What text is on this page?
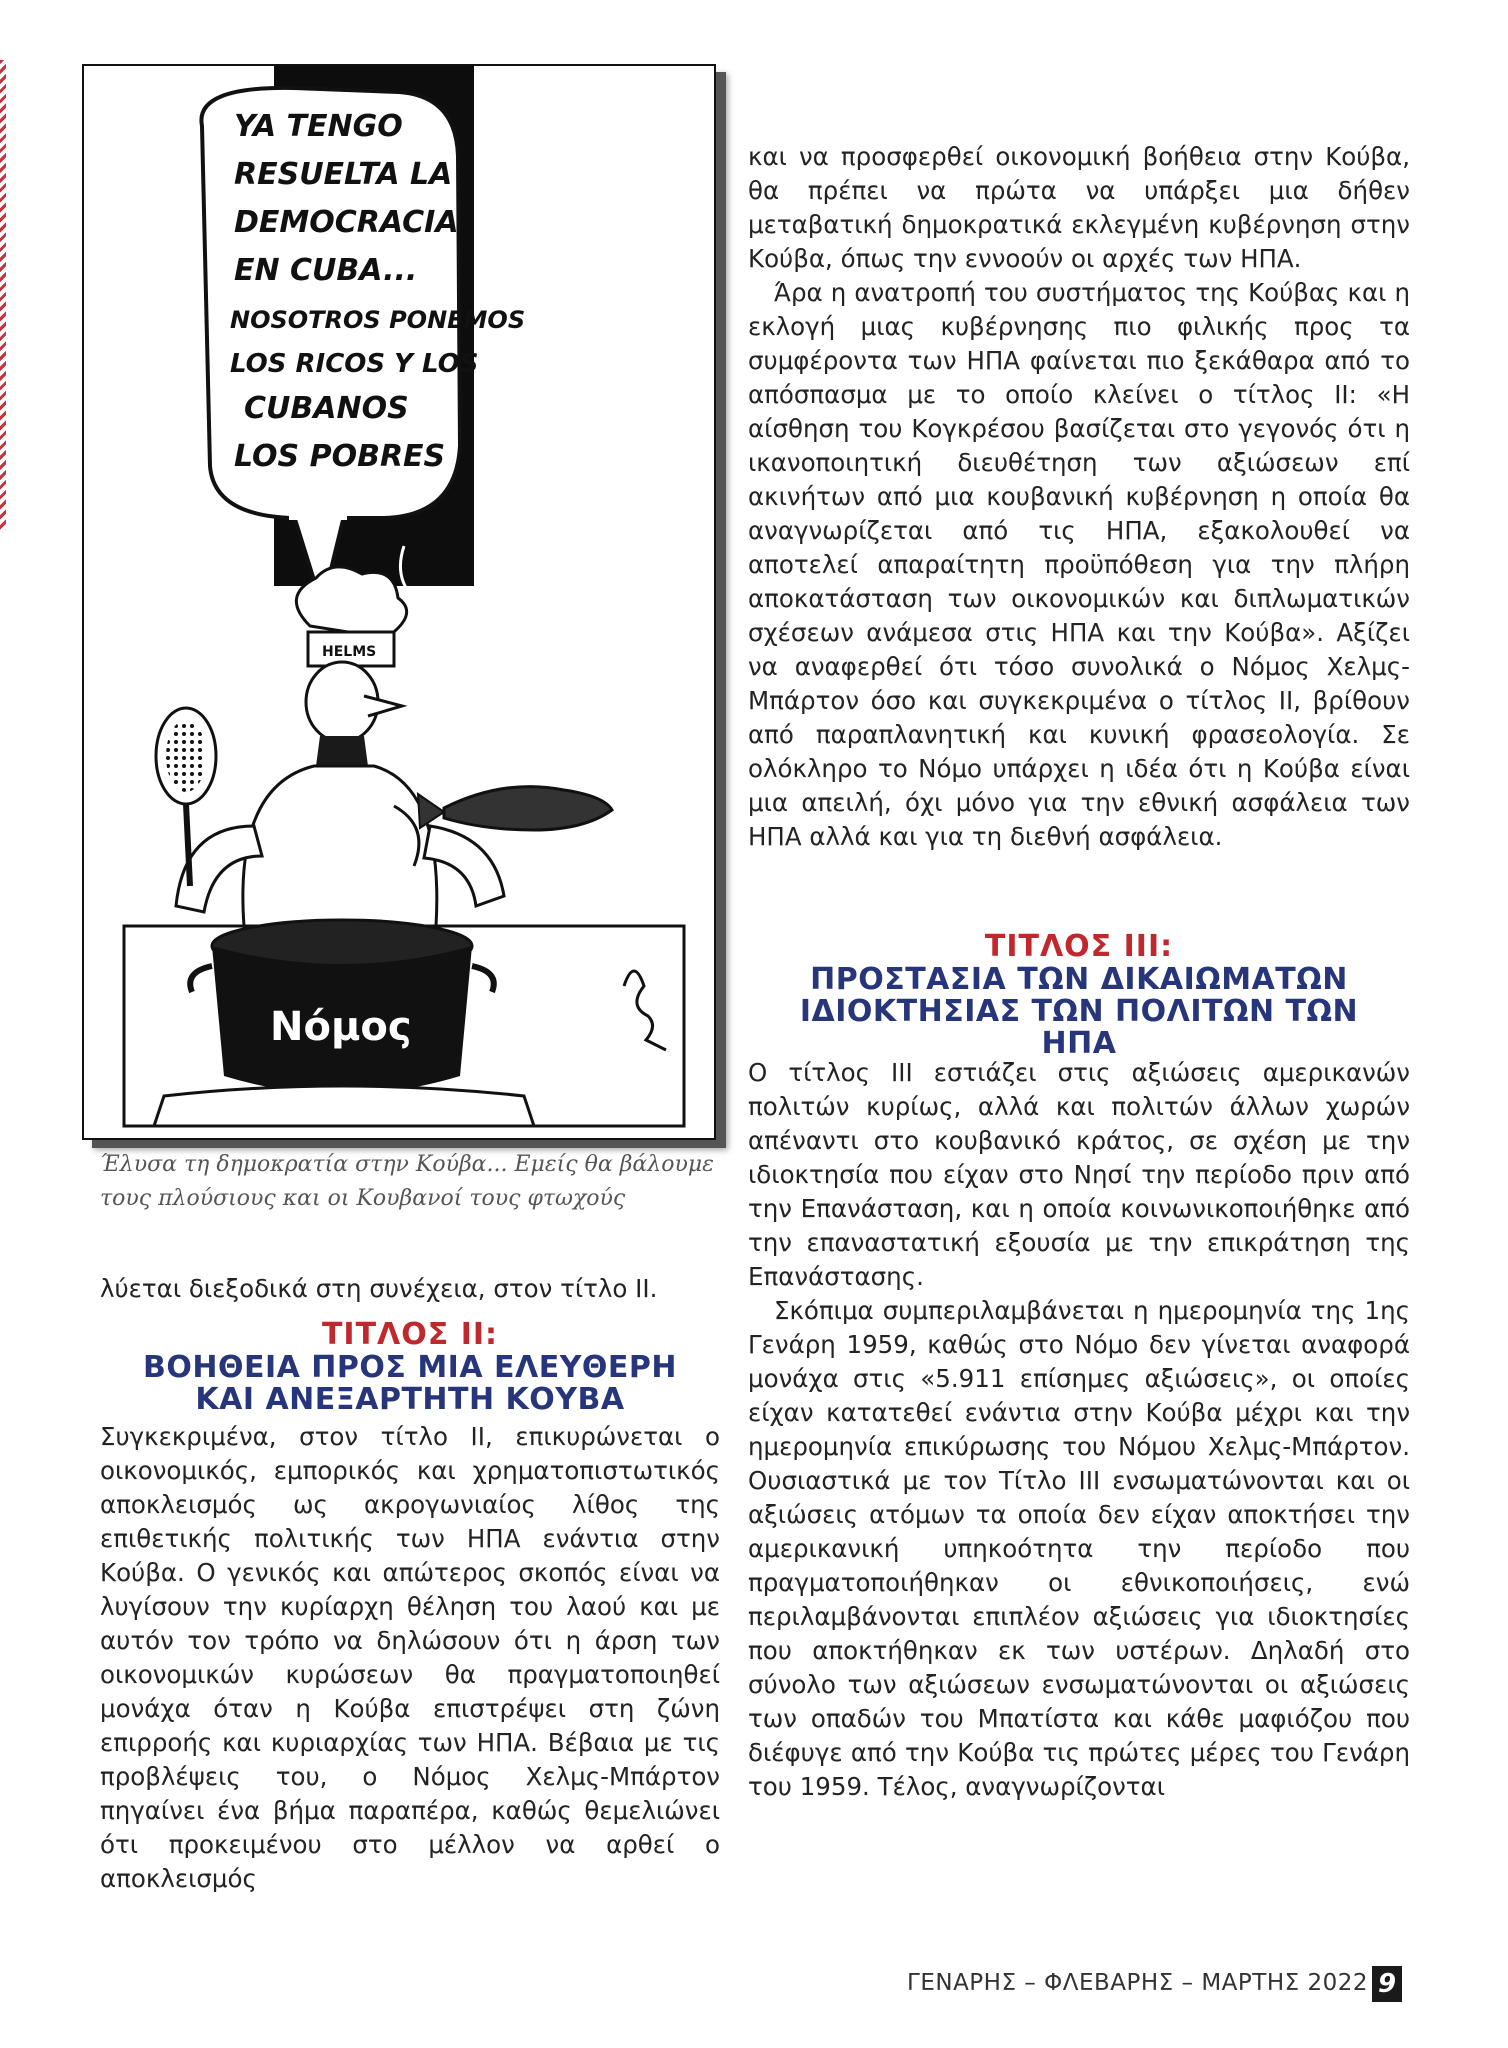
YA TENGO
RESUELTA LA
DEMOCRACIA
EN CUBA...
NOSOTROS PONEMOS
LOS RICOS Y LOS
CUBANOS
LOS POBRES
HELMS
Νόμος
Έλυσα τη δημοκρατία στην Κούβα... Εμείς θα βάλουμε τους πλούσιους και οι Κουβανοί τους φτωχούς

λύεται διεξοδικά στη συνέχεια, στον τίτλο ΙΙ.

ΤΙΤΛΟΣ ΙΙ:
ΒΟΗΘΕΙΑ ΠΡΟΣ ΜΙΑ ΕΛΕΥΘΕΡΗ
ΚΑΙ ΑΝΕΞΑΡΤΗΤΗ ΚΟΥΒΑ

Συγκεκριμένα, στον τίτλο ΙΙ, επικυρώνεται ο οικονομικός, εμπορικός και χρηματοπιστωτικός αποκλεισμός ως ακρογωνιαίος λίθος της επιθετικής πολιτικής των ΗΠΑ ενάντια στην Κούβα. Ο γενικός και απώτερος σκοπός είναι να λυγίσουν την κυρίαρχη θέληση του λαού και με αυτόν τον τρόπο να δηλώσουν ότι η άρση των οικονομικών κυρώσεων θα πραγματοποιηθεί μονάχα όταν η Κούβα επιστρέψει στη ζώνη επιρροής και κυριαρχίας των ΗΠΑ. Βέβαια με τις προβλέψεις του, ο Νόμος Χελμς-Μπάρτον πηγαίνει ένα βήμα παραπέρα, καθώς θεμελιώνει ότι προκειμένου στο μέλλον να αρθεί ο αποκλεισμός

και να προσφερθεί οικονομική βοήθεια στην Κούβα, θα πρέπει να πρώτα να υπάρξει μια δήθεν μεταβατική δημοκρατικά εκλεγμένη κυβέρνηση στην Κούβα, όπως την εννοούν οι αρχές των ΗΠΑ.

Άρα η ανατροπή του συστήματος της Κούβας και η εκλογή μιας κυβέρνησης πιο φιλικής προς τα συμφέροντα των ΗΠΑ φαίνεται πιο ξεκάθαρα από το απόσπασμα με το οποίο κλείνει ο τίτλος ΙΙ: «Η αίσθηση του Κογκρέσου βασίζεται στο γεγονός ότι η ικανοποιητική διευθέτηση των αξιώσεων επί ακινήτων από μια κουβανική κυβέρνηση η οποία θα αναγνωρίζεται από τις ΗΠΑ, εξακολουθεί να αποτελεί απαραίτητη προϋπόθεση για την πλήρη αποκατάσταση των οικονομικών και διπλωματικών σχέσεων ανάμεσα στις ΗΠΑ και την Κούβα». Αξίζει να αναφερθεί ότι τόσο συνολικά ο Νόμος Χελμς-Μπάρτον όσο και συγκεκριμένα ο τίτλος ΙΙ, βρίθουν από παραπλανητική και κυνική φρασεολογία. Σε ολόκληρο το Νόμο υπάρχει η ιδέα ότι η Κούβα είναι μια απειλή, όχι μόνο για την εθνική ασφάλεια των ΗΠΑ αλλά και για τη διεθνή ασφάλεια.

ΤΙΤΛΟΣ ΙΙΙ:
ΠΡΟΣΤΑΣΙΑ ΤΩΝ ΔΙΚΑΙΩΜΑΤΩΝ
ΙΔΙΟΚΤΗΣΙΑΣ ΤΩΝ ΠΟΛΙΤΩΝ ΤΩΝ
ΗΠΑ

Ο τίτλος ΙΙΙ εστιάζει στις αξιώσεις αμερικανών πολιτών κυρίως, αλλά και πολιτών άλλων χωρών απέναντι στο κουβανικό κράτος, σε σχέση με την ιδιοκτησία που είχαν στο Νησί την περίοδο πριν από την Επανάσταση, και η οποία κοινωνικοποιήθηκε από την επαναστατική εξουσία με την επικράτηση της Επανάστασης.

Σκόπιμα συμπεριλαμβάνεται η ημερομηνία της 1ης Γενάρη 1959, καθώς στο Νόμο δεν γίνεται αναφορά μονάχα στις «5.911 επίσημες αξιώσεις», οι οποίες είχαν κατατεθεί ενάντια στην Κούβα μέχρι και την ημερομηνία επικύρωσης του Νόμου Χελμς-Μπάρτον. Ουσιαστικά με τον Τίτλο ΙΙΙ ενσωματώνονται και οι αξιώσεις ατόμων τα οποία δεν είχαν αποκτήσει την αμερικανική υπηκοότητα την περίοδο που πραγματοποιήθηκαν οι εθνικοποιήσεις, ενώ περιλαμβάνονται επιπλέον αξιώσεις για ιδιοκτησίες που αποκτήθηκαν εκ των υστέρων. Δηλαδή στο σύνολο των αξιώσεων ενσωματώνονται οι αξιώσεις των οπαδών του Μπατίστα και κάθε μαφιόζου που διέφυγε από την Κούβα τις πρώτες μέρες του Γενάρη του 1959. Τέλος, αναγνωρίζονται

ΓΕΝΑΡΗΣ – ΦΛΕΒΑΡΗΣ – ΜΑΡΤΗΣ 2022 9
